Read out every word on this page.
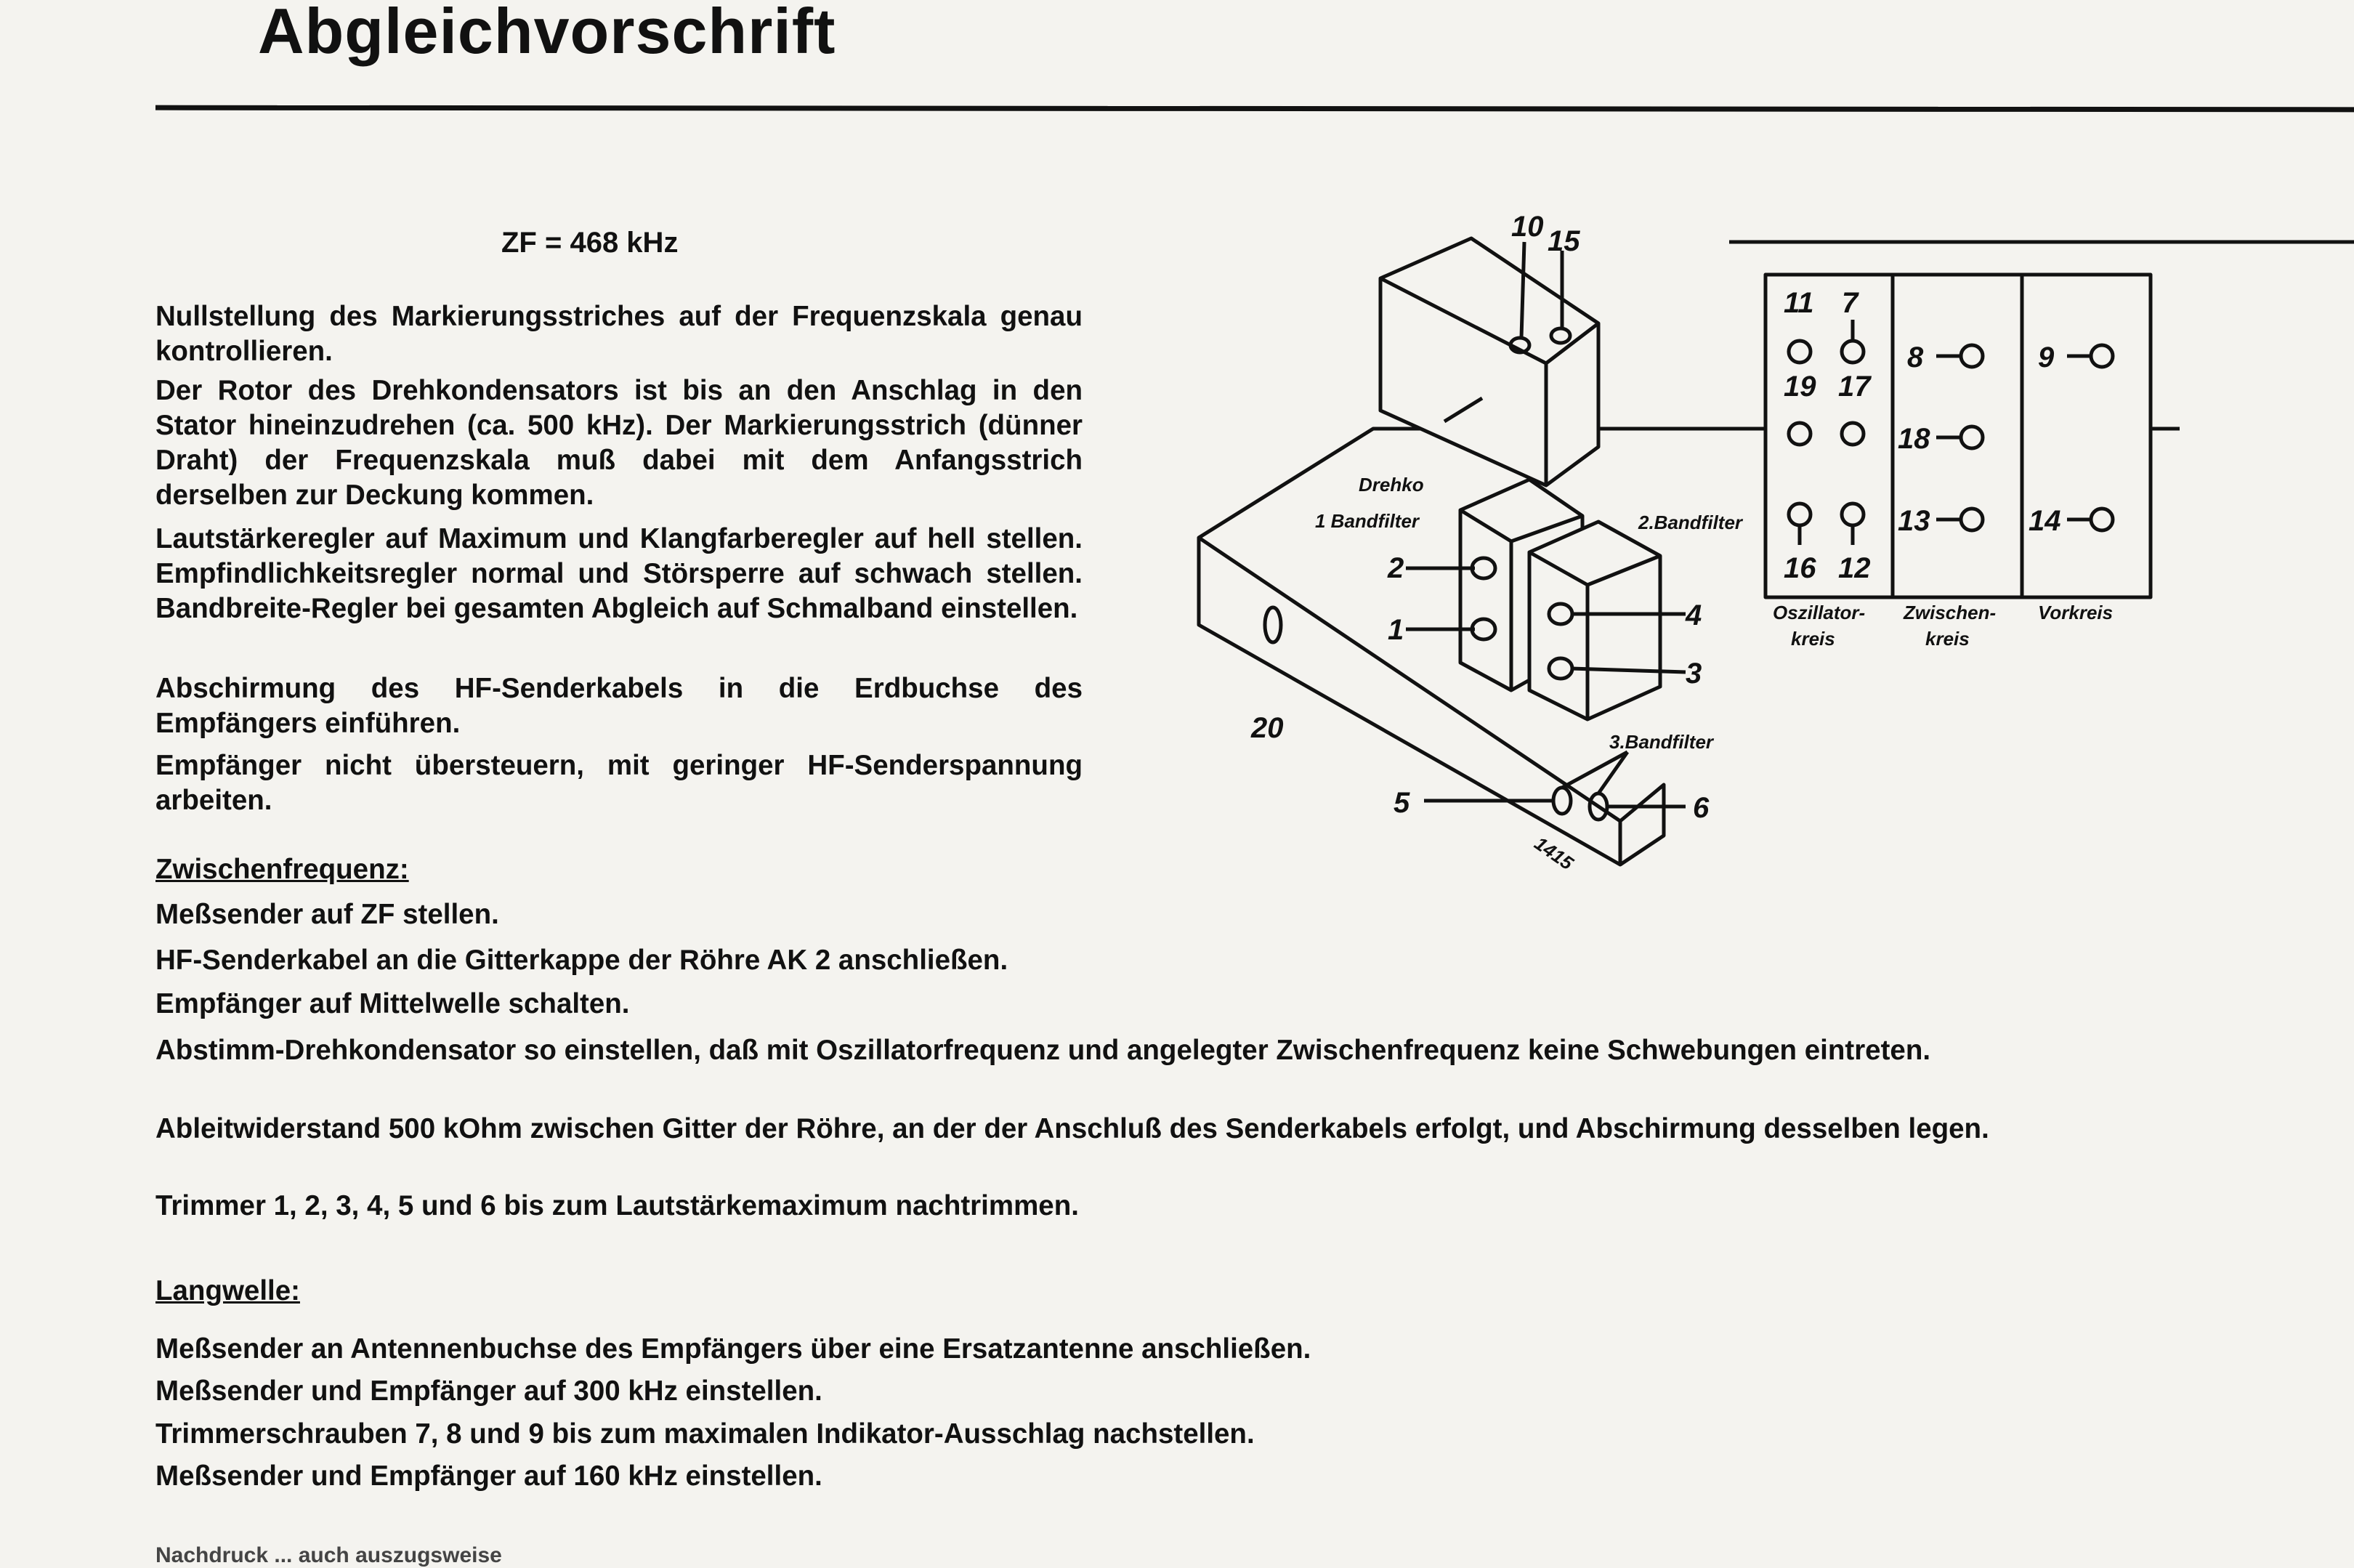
Abgleichvorschrift
ZF = 468 kHz

Nullstellung des Markierungsstriches auf der Frequenzskala genau kontrollieren.

Der Rotor des Drehkondensators ist bis an den Anschlag in den Stator hineinzudrehen (ca. 500 kHz). Der Markierungsstrich (dünner Draht) der Frequenzskala muß dabei mit dem Anfangsstrich derselben zur Deckung kommen.

Lautstärkeregler auf Maximum und Klangfarberegler auf hell stellen. Empfindlichkeitsregler normal und Störsperre auf schwach stellen. Bandbreite-Regler bei gesamten Abgleich auf Schmalband einstellen.

Abschirmung des HF-Senderkabels in die Erdbuchse des Empfängers einführen.

Empfänger nicht übersteuern, mit geringer HF-Senderspannung arbeiten.

Zwischenfrequenz:

Meßsender auf ZF stellen.

HF-Senderkabel an die Gitterkappe der Röhre AK 2 anschließen.

Empfänger auf Mittelwelle schalten.

Abstimm-Drehkondensator so einstellen, daß mit Oszillatorfrequenz und angelegter Zwischenfrequenz keine Schwebungen eintreten.

Ableitwiderstand 500 kOhm zwischen Gitter der Röhre, an der der Anschluß des Senderkabels erfolgt, und Abschirmung desselben legen.

Trimmer 1, 2, 3, 4, 5 und 6 bis zum Lautstärkemaximum nachtrimmen.

Langwelle:

Meßsender an Antennenbuchse des Empfängers über eine Ersatzantenne anschließen.

Meßsender und Empfänger auf 300 kHz einstellen.

Trimmerschrauben 7, 8 und 9 bis zum maximalen Indikator-Ausschlag nachstellen.

Meßsender und Empfänger auf 160 kHz einstellen.

Nachdruck ... auch auszugsweise

10 15
2
1	4
3
20
5	6
Drehko
1 Bandfilter	2.Bandfilter
3.Bandfilter
1415
11 7
19 17
16 12
8
18
13
9
14
Oszillator-
kreis
Zwischen-
kreis
Vorkreis
